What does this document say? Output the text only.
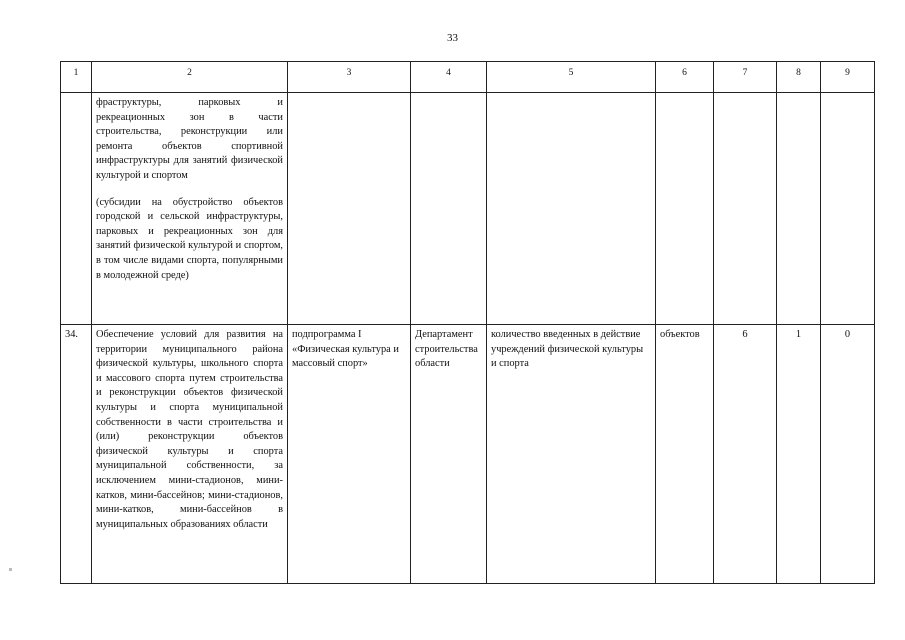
33
1	2	3	4	5	6	7	8	9

	фраструктуры, парковых и рекреационных зон в части строительства, реконструкции или ремонта объектов спортивной инфраструктуры для занятий физической культурой и спортом
(субсидии на обустройство объектов городской и сельской инфраструктуры, парковых и рекреационных зон для занятий физической культурой и спортом, в том числе видами спорта, популярными в молодежной среде)							

34.	Обеспечение условий для развития на территории муниципального района физической культуры, школьного спорта и массового спорта путем строительства и реконструкции объектов физической культуры и спорта муниципальной собственности в части строительства и (или) реконструкции объектов физической культуры и спорта муниципальной собственности, за исключением мини-стадионов, мини-катков, мини-бассейнов; мини-стадионов, мини-катков, мини-бассейнов в муниципальных образованиях области	подпрограмма I «Физическая культура и массовый спорт»	Департамент строительства области	количество введенных в действие учреждений физической культуры и спорта	объектов	6	1	0
